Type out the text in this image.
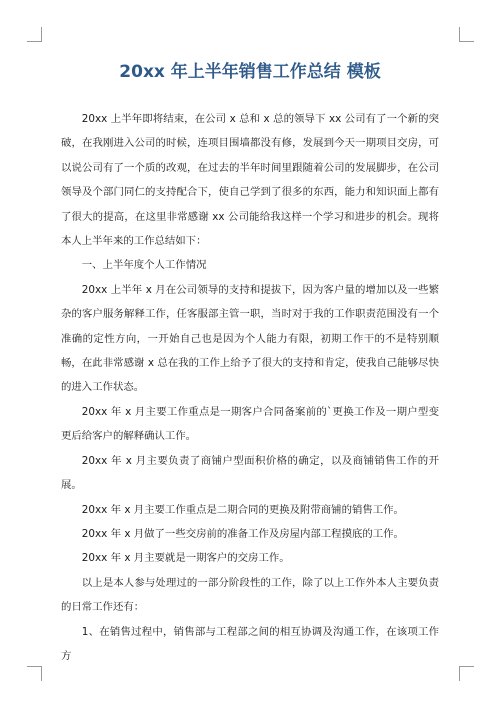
20xx 年上半年销售工作总结 模板

20xx 上半年即将结束，在公司 x 总和 x 总的领导下 xx 公司有了一个新的突破，在我刚进入公司的时候，连项目围墙都没有修，发展到今天一期项目交房，可以说公司有了一个质的改观，在过去的半年时间里跟随着公司的发展脚步，在公司领导及个部门同仁的支持配合下，使自己学到了很多的东西，能力和知识面上都有了很大的提高，在这里非常感谢 xx 公司能给我这样一个学习和进步的机会。现将本人上半年来的工作总结如下：

一、上半年度个人工作情况

20xx 上半年 x 月在公司领导的支持和提拔下，因为客户量的增加以及一些繁杂的客户服务解释工作，任客服部主管一职，当时对于我的工作职责范围没有一个准确的定性方向，一开始自己也是因为个人能力有限，初期工作干的不是特别顺畅，在此非常感谢 x 总在我的工作上给予了很大的支持和肯定，使我自己能够尽快的进入工作状态。

20xx 年 x 月主要工作重点是一期客户合同备案前的`更换工作及一期户型变更后给客户的解释确认工作。

20xx 年 x 月主要负责了商铺户型面积价格的确定，以及商铺销售工作的开展。

20xx 年 x 月主要工作重点是二期合同的更换及附带商铺的销售工作。

20xx 年 x 月做了一些交房前的准备工作及房屋内部工程摸底的工作。

20xx 年 x 月主要就是一期客户的交房工作。

以上是本人参与处理过的一部分阶段性的工作，除了以上工作外本人主要负责的日常工作还有：

1、在销售过程中，销售部与工程部之间的相互协调及沟通工作，在该项工作方
